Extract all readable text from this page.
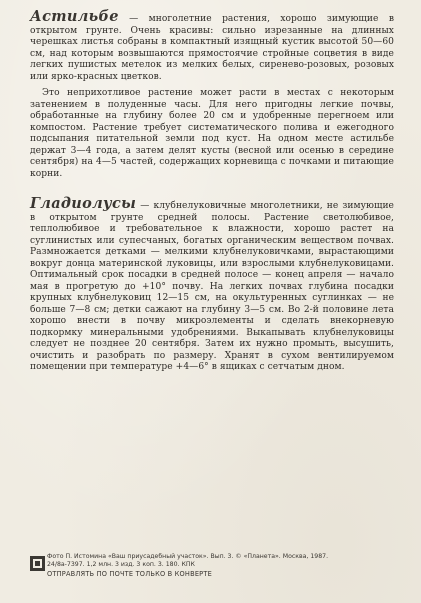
Астильбе — многолетние растения, хорошо зимующие в открытом грунте. Очень красивы: сильно изрезанные на длинных черешках листья собраны в компактный изящный кустик высотой 50—60 см, над которым возвышаются прямостоячие стройные соцветия в виде легких пушистых метелок из мелких белых, сиренево-розовых, розовых или ярко-красных цветков.

Это неприхотливое растение может расти в местах с некоторым затенением в полуденные часы. Для него пригодны легкие почвы, обработанные на глубину более 20 см и удобренные перегноем или компостом. Растение требует систематического полива и ежегодного подсыпания питательной земли под куст. На одном месте астильбе держат 3—4 года, а затем делят кусты (весной или осенью в середине сентября) на 4—5 частей, содержащих корневища с почками и питающие корни.

Гладиолусы — клубнелуковичные многолетники, не зимующие в открытом грунте средней полосы. Растение светолюбивое, теплолюбивое и требовательное к влажности, хорошо растет на суглинистых или супесчаных, богатых органическим веществом почвах. Размножается детками — мелкими клубнелуковичками, вырастающими вокруг донца материнской луковицы, или взрослыми клубнелуковицами. Оптимальный срок посадки в средней полосе — конец апреля — начало мая в прогретую до +10° почву. На легких почвах глубина посадки крупных клубнелуковиц 12—15 см, на окультуренных суглинках — не больше 7—8 см; детки сажают на глубину 3—5 см. Во 2-й половине лета хорошо внести в почву микроэлементы и сделать внекорневую подкормку минеральными удобрениями. Выкапывать клубнелуковицы следует не позднее 20 сентября. Затем их нужно промыть, высушить, очистить и разобрать по размеру. Хранят в сухом вентилируемом помещении при температуре +4—6° в ящиках с сетчатым дном.

Фото П. Истомина «Ваш приусадебный участок». Вып. 3. © «Планета». Москва, 1987.
24/8а-7397. 1,2 млн. 3 изд. 3 коп. 3. 180. КПК
ОТПРАВЛЯТЬ ПО ПОЧТЕ ТОЛЬКО В КОНВЕРТЕ
